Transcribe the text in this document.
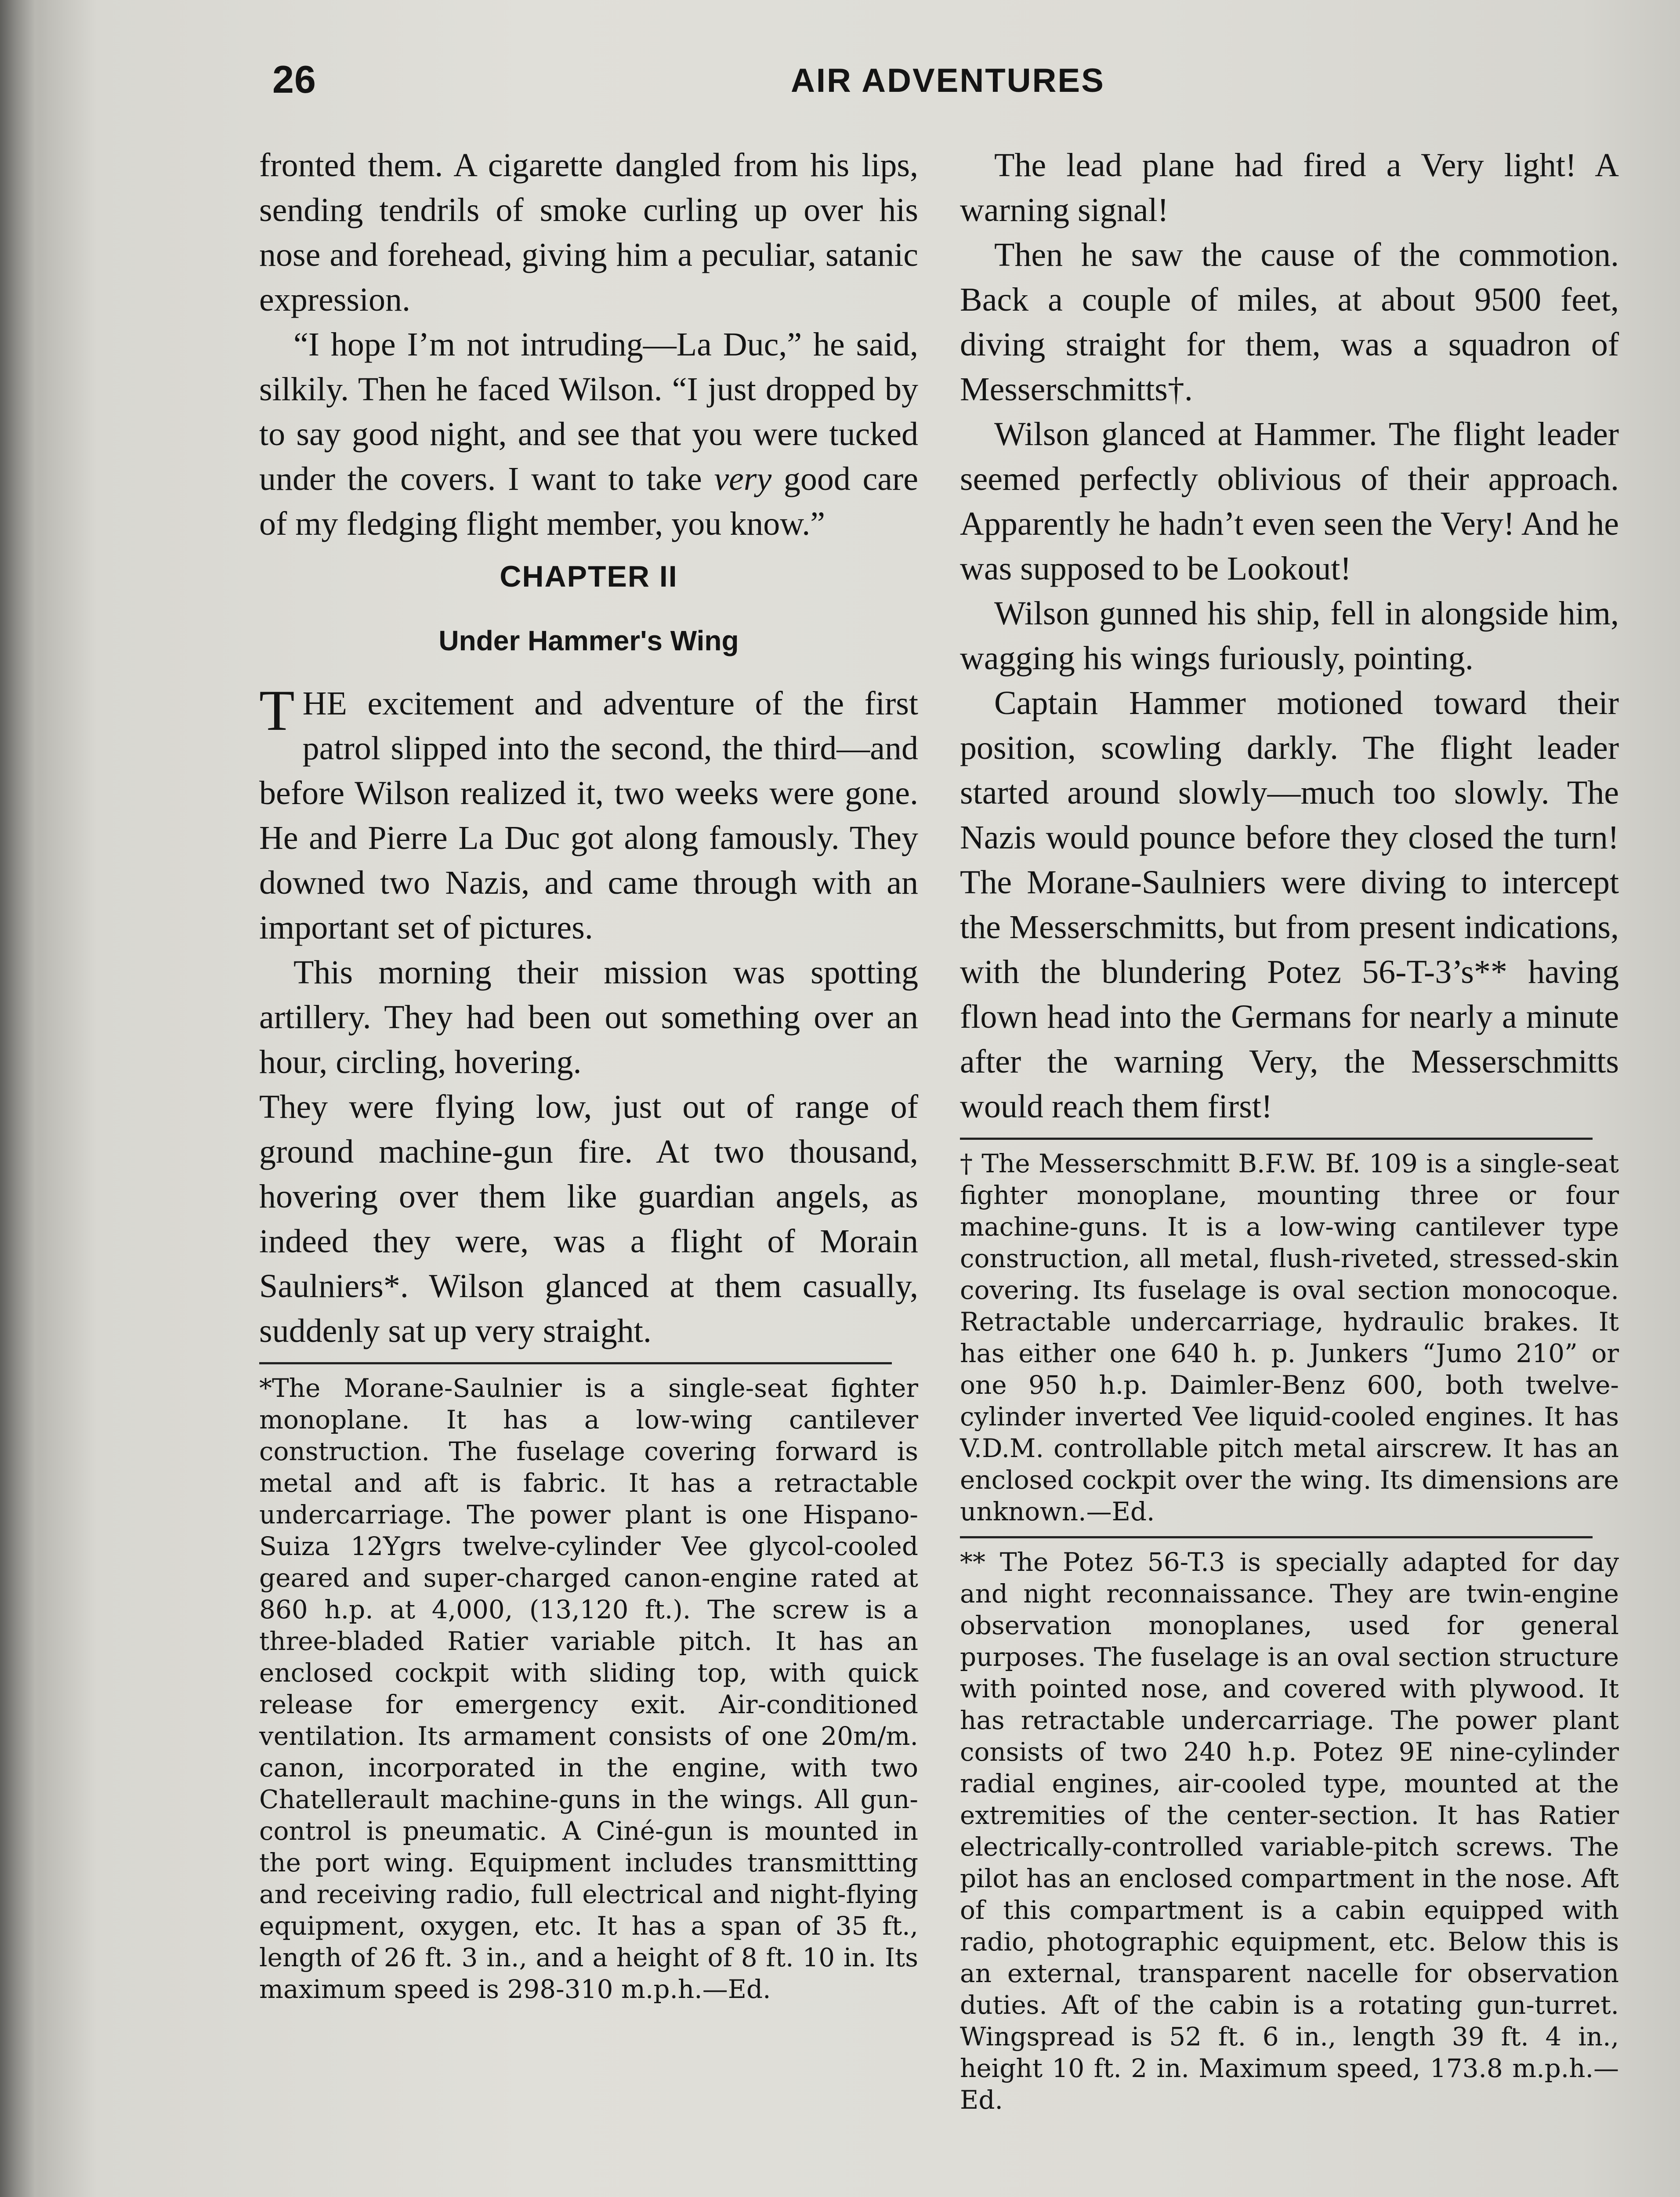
26	AIR ADVENTURES

fronted them. A cigarette dangled from his lips, sending tendrils of smoke curling up over his nose and forehead, giving him a peculiar, satanic expression.

“I hope I’m not intruding—La Duc,” he said, silkily. Then he faced Wilson. “I just dropped by to say good night, and see that you were tucked under the covers. I want to take very good care of my fledging flight member, you know.”

CHAPTER II
Under Hammer's Wing

T HE excitement and adventure of the first patrol slipped into the second, the third—and before Wilson realized it, two weeks were gone. He and Pierre La Duc got along famously. They downed two Nazis, and came through with an important set of pictures.

This morning their mission was spotting artillery. They had been out something over an hour, circling, hovering.

They were flying low, just out of range of ground machine-gun fire. At two thousand, hovering over them like guardian angels, as indeed they were, was a flight of Morain Saulniers*. Wilson glanced at them casually, suddenly sat up very straight.

*The Morane-Saulnier is a single-seat fighter monoplane. It has a low-wing cantilever construction. The fuselage covering forward is metal and aft is fabric. It has a retractable undercarriage. The power plant is one Hispano-Suiza 12Ygrs twelve-cylinder Vee glycol-cooled geared and super-charged canon-engine rated at 860 h.p. at 4,000, (13,120 ft.). The screw is a three-bladed Ratier variable pitch. It has an enclosed cockpit with sliding top, with quick release for emergency exit. Air-conditioned ventilation. Its armament consists of one 20m/m. canon, incorporated in the engine, with two Chatellerault machine-guns in the wings. All gun-control is pneumatic. A Ciné-gun is mounted in the port wing. Equipment includes transmittting and receiving radio, full electrical and night-flying equipment, oxygen, etc. It has a span of 35 ft., length of 26 ft. 3 in., and a height of 8 ft. 10 in. Its maximum speed is 298-310 m.p.h.—Ed.

The lead plane had fired a Very light! A warning signal!

Then he saw the cause of the commotion. Back a couple of miles, at about 9500 feet, diving straight for them, was a squadron of Messerschmitts†.

Wilson glanced at Hammer. The flight leader seemed perfectly oblivious of their approach. Apparently he hadn’t even seen the Very! And he was supposed to be Lookout!

Wilson gunned his ship, fell in alongside him, wagging his wings furiously, pointing.

Captain Hammer motioned toward their position, scowling darkly. The flight leader started around slowly—much too slowly. The Nazis would pounce before they closed the turn! The Morane-Saulniers were diving to intercept the Messerschmitts, but from present indications, with the blundering Potez 56-T-3’s** having flown head into the Germans for nearly a minute after the warning Very, the Messerschmitts would reach them first!

† The Messerschmitt B.F.W. Bf. 109 is a single-seat fighter monoplane, mounting three or four machine-guns. It is a low-wing cantilever type construction, all metal, flush-riveted, stressed-skin covering. Its fuselage is oval section monocoque. Retractable undercarriage, hydraulic brakes. It has either one 640 h. p. Junkers “Jumo 210” or one 950 h.p. Daimler-Benz 600, both twelve-cylinder inverted Vee liquid-cooled engines. It has V.D.M. controllable pitch metal airscrew. It has an enclosed cockpit over the wing. Its dimensions are unknown.—Ed.

** The Potez 56-T.3 is specially adapted for day and night reconnaissance. They are twin-engine observation monoplanes, used for general purposes. The fuselage is an oval section structure with pointed nose, and covered with plywood. It has retractable undercarriage. The power plant consists of two 240 h.p. Potez 9E nine-cylinder radial engines, air-cooled type, mounted at the extremities of the center-section. It has Ratier electrically-controlled variable-pitch screws. The pilot has an enclosed compartment in the nose. Aft of this compartment is a cabin equipped with radio, photographic equipment, etc. Below this is an external, transparent nacelle for observation duties. Aft of the cabin is a rotating gun-turret. Wingspread is 52 ft. 6 in., length 39 ft. 4 in., height 10 ft. 2 in. Maximum speed, 173.8 m.p.h.—Ed.
